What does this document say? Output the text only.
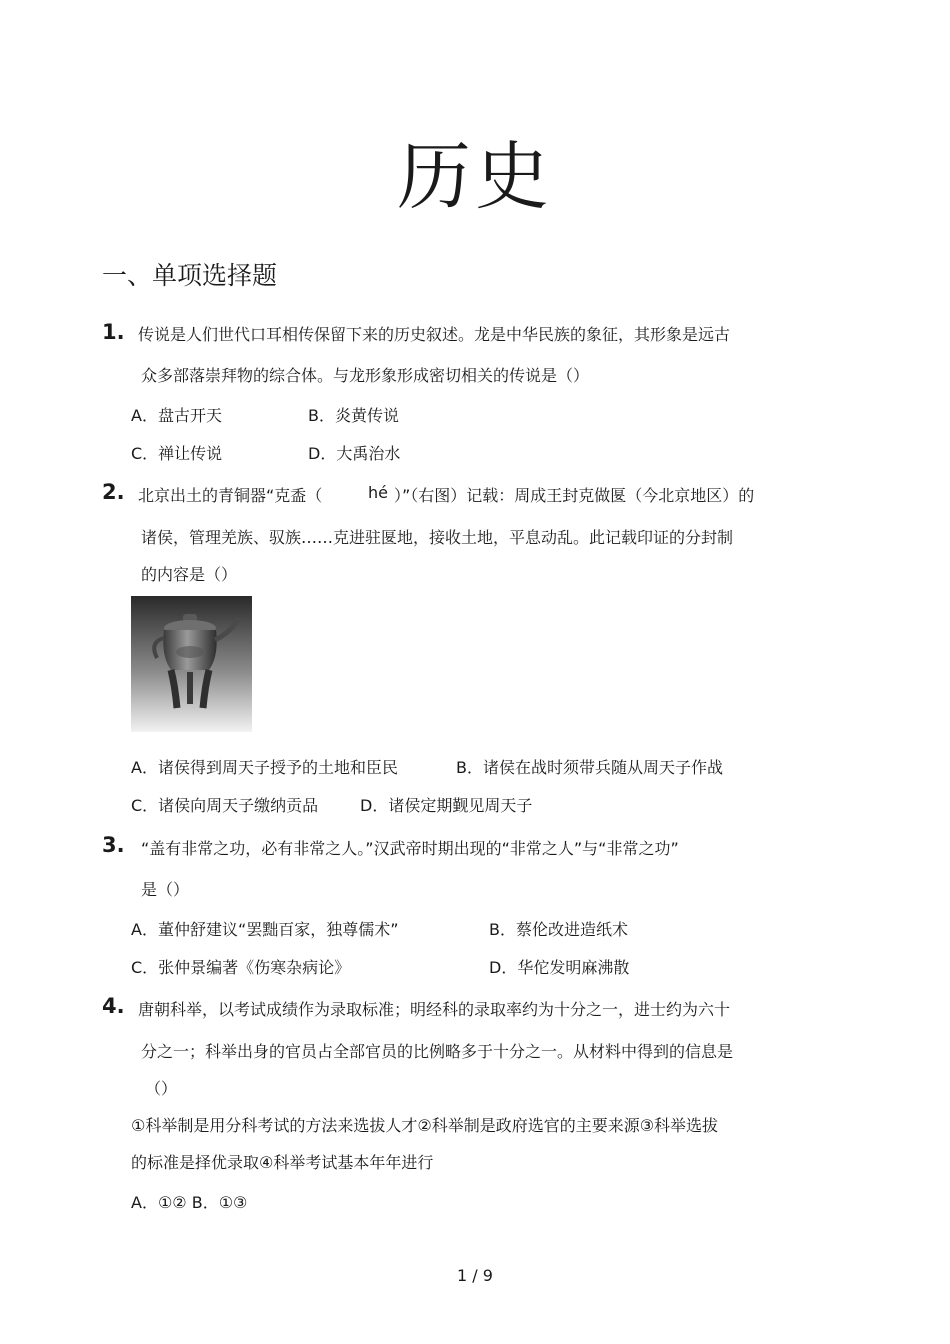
历史
一、单项选择题
1. 传说是人们世代口耳相传保留下来的历史叙述。龙是中华民族的象征，其形象是远古
众多部落崇拜物的综合体。与龙形象形成密切相关的传说是（）
A．盘古开天	B．炎黄传说
C．禅让传说	D．大禹治水
2. 北京出土的青铜器“克盉（	hé ）”（右图）记载：周成王封克做匽（今北京地区）的
诸侯，管理羌族、驭族……克进驻匽地，接收土地，平息动乱。此记载印证的分封制
的内容是（）
A．诸侯得到周天子授予的土地和臣民	B．诸侯在战时须带兵随从周天子作战
C．诸侯向周天子缴纳贡品	D．诸侯定期觐见周天子
3. “盖有非常之功，必有非常之人。”汉武帝时期出现的“非常之人”与“非常之功”
是（）
A．董仲舒建议“罢黜百家，独尊儒术”	B．蔡伦改进造纸术
C．张仲景编著《伤寒杂病论》	D．华佗发明麻沸散
4. 唐朝科举，以考试成绩作为录取标准；明经科的录取率约为十分之一，进士约为六十
分之一；科举出身的官员占全部官员的比例略多于十分之一。从材料中得到的信息是
（）
①科举制是用分科考试的方法来选拔人才②科举制是政府选官的主要来源③科举选拔
的标准是择优录取④科举考试基本年年进行
A．①② B．①③
1 / 9
